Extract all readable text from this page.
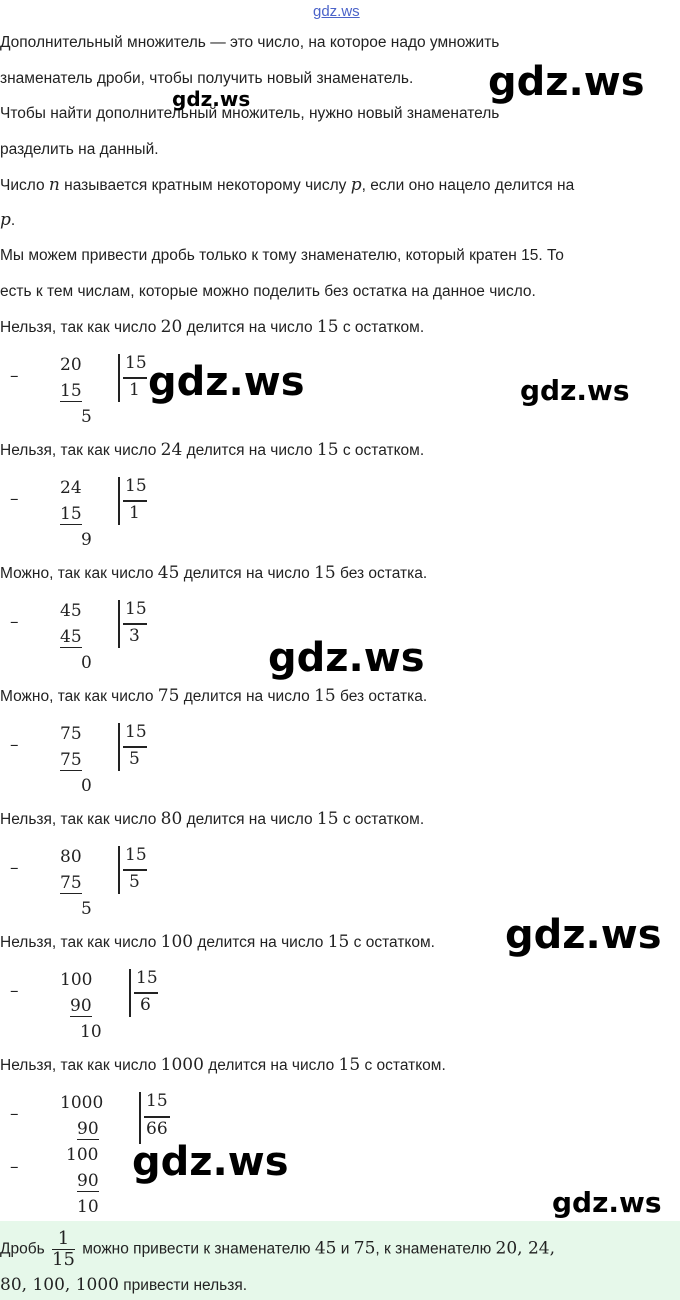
gdz.ws
Дополнительный множитель — это число, на которое надо умножить
знаменатель дроби, чтобы получить новый знаменатель.
Чтобы найти дополнительный множитель, нужно новый знаменатель
разделить на данный.
Число n называется кратным некоторому числу p, если оно нацело делится на
p.
Мы можем привести дробь только к тому знаменателю, который кратен 15. То
есть к тем числам, которые можно поделить без остатка на данное число.
Нельзя, так как число 20 делится на число 15 с остатком.
–
20
15
5
15
1
Нельзя, так как число 24 делится на число 15 с остатком.
–
24
15
9
15
1
Можно, так как число 45 делится на число 15 без остатка.
–
45
45
0
15
3
Можно, так как число 75 делится на число 15 без остатка.
–
75
75
0
15
5
Нельзя, так как число 80 делится на число 15 с остатком.
–
80
75
5
15
5
Нельзя, так как число 100 делится на число 15 с остатком.
–
100
90
10
15
6
Нельзя, так как число 1000 делится на число 15 с остатком.
–
1000
90
–
100
90
10
15
66
Дробь $\frac{1}{15}$ можно привести к знаменателю 45 и 75, к знаменателю 20, 24,
80, 100, 1000 привести нельзя.
gdz.ws
gdz.ws
gdz.ws	gdz.ws
gdz.ws
gdz.ws
gdz.ws
gdz.ws
